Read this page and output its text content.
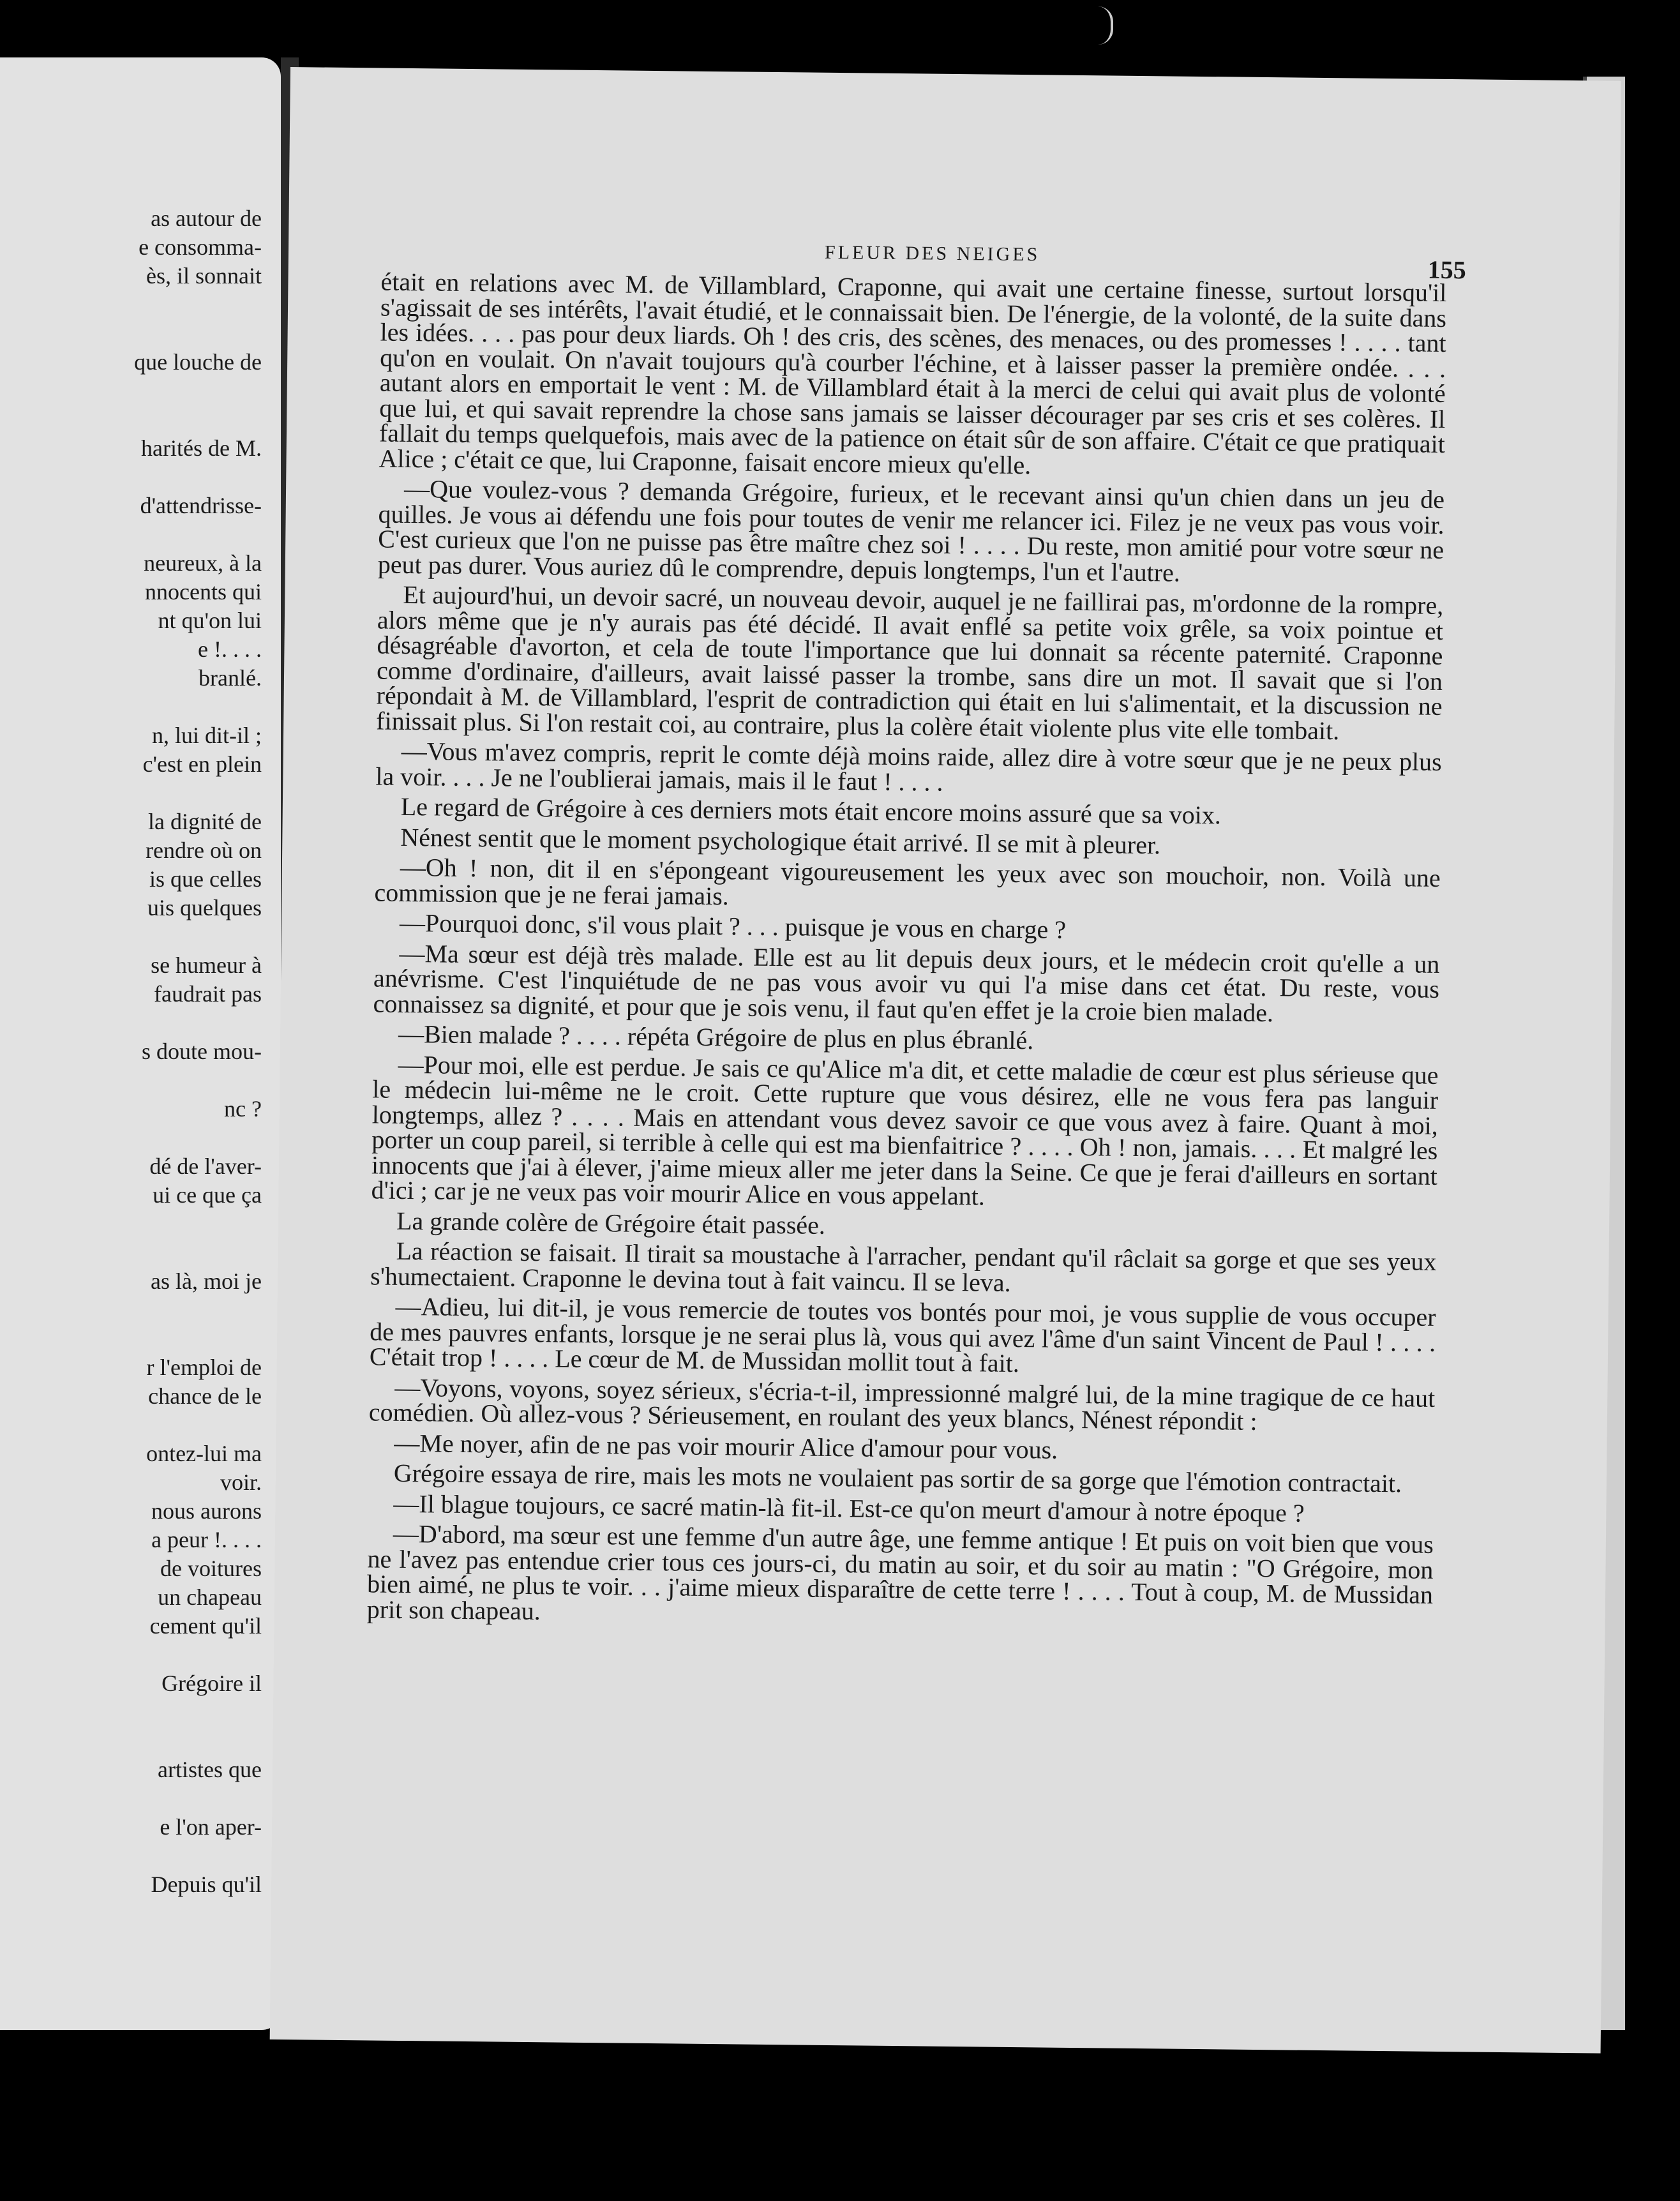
as autour de
e consomma-
ès, il sonnait
que louche de
harités de M.
d'attendrisse-
neureux, à la
nnocents qui
nt qu'on lui
e !. . . .
branlé.
n, lui dit-il ;
c'est en plein
la dignité de
rendre où on
is que celles
uis quelques
se humeur à
faudrait pas
s doute mou-
nc ?
dé de l'aver-
ui ce que ça
as là, moi je
r l'emploi de
chance de le
ontez-lui ma
voir.
nous aurons
a peur !. . . .
de voitures
un chapeau
cement qu'il
Grégoire il
artistes que
e l'on aper-
Depuis qu'il
FLEUR DES NEIGES
155

était en relations avec M. de Villamblard, Craponne, qui avait une certaine finesse, surtout lorsqu'il s'agissait de ses intérêts, l'avait étudié, et le connaissait bien. De l'énergie, de la volonté, de la suite dans les idées. . . . pas pour deux liards. Oh ! des cris, des scènes, des menaces, ou des promesses ! . . . . tant qu'on en voulait. On n'avait toujours qu'à courber l'échine, et à laisser passer la première ondée. . . . autant alors en emportait le vent : M. de Villamblard était à la merci de celui qui avait plus de volonté que lui, et qui savait reprendre la chose sans jamais se laisser décourager par ses cris et ses colères. Il fallait du temps quelquefois, mais avec de la patience on était sûr de son affaire. C'était ce que pratiquait Alice ; c'était ce que, lui Craponne, faisait encore mieux qu'elle.

—Que voulez-vous ? demanda Grégoire, furieux, et le recevant ainsi qu'un chien dans un jeu de quilles. Je vous ai défendu une fois pour toutes de venir me relancer ici. Filez je ne veux pas vous voir. C'est curieux que l'on ne puisse pas être maître chez soi ! . . . . Du reste, mon amitié pour votre sœur ne peut pas durer. Vous auriez dû le comprendre, depuis longtemps, l'un et l'autre.

Et aujourd'hui, un devoir sacré, un nouveau devoir, auquel je ne faillirai pas, m'ordonne de la rompre, alors même que je n'y aurais pas été décidé. Il avait enflé sa petite voix grêle, sa voix pointue et désagréable d'avorton, et cela de toute l'importance que lui donnait sa récente paternité. Craponne comme d'ordinaire, d'ailleurs, avait laissé passer la trombe, sans dire un mot. Il savait que si l'on répondait à M. de Villamblard, l'esprit de contradiction qui était en lui s'alimentait, et la discussion ne finissait plus. Si l'on restait coi, au contraire, plus la colère était violente plus vite elle tombait.

—Vous m'avez compris, reprit le comte déjà moins raide, allez dire à votre sœur que je ne peux plus la voir. . . . Je ne l'oublierai jamais, mais il le faut ! . . . .

Le regard de Grégoire à ces derniers mots était encore moins assuré que sa voix.

Nénest sentit que le moment psychologique était arrivé. Il se mit à pleurer.

—Oh ! non, dit il en s'épongeant vigoureusement les yeux avec son mouchoir, non. Voilà une commission que je ne ferai jamais.

—Pourquoi donc, s'il vous plait ? . . . puisque je vous en charge ?

—Ma sœur est déjà très malade. Elle est au lit depuis deux jours, et le médecin croit qu'elle a un anévrisme. C'est l'inquiétude de ne pas vous avoir vu qui l'a mise dans cet état. Du reste, vous connaissez sa dignité, et pour que je sois venu, il faut qu'en effet je la croie bien malade.

—Bien malade ? . . . . répéta Grégoire de plus en plus ébranlé.

—Pour moi, elle est perdue. Je sais ce qu'Alice m'a dit, et cette maladie de cœur est plus sérieuse que le médecin lui-même ne le croit. Cette rupture que vous désirez, elle ne vous fera pas languir longtemps, allez ? . . . . Mais en attendant vous devez savoir ce que vous avez à faire. Quant à moi, porter un coup pareil, si terrible à celle qui est ma bienfaitrice ? . . . . Oh ! non, jamais. . . . Et malgré les innocents que j'ai à élever, j'aime mieux aller me jeter dans la Seine. Ce que je ferai d'ailleurs en sortant d'ici ; car je ne veux pas voir mourir Alice en vous appelant.

La grande colère de Grégoire était passée.

La réaction se faisait. Il tirait sa moustache à l'arracher, pendant qu'il râclait sa gorge et que ses yeux s'humectaient. Craponne le devina tout à fait vaincu. Il se leva.

—Adieu, lui dit-il, je vous remercie de toutes vos bontés pour moi, je vous supplie de vous occuper de mes pauvres enfants, lorsque je ne serai plus là, vous qui avez l'âme d'un saint Vincent de Paul ! . . . . C'était trop ! . . . . Le cœur de M. de Mussidan mollit tout à fait.

—Voyons, voyons, soyez sérieux, s'écria-t-il, impressionné malgré lui, de la mine tragique de ce haut comédien. Où allez-vous ? Sérieusement, en roulant des yeux blancs, Nénest répondit :

—Me noyer, afin de ne pas voir mourir Alice d'amour pour vous.

Grégoire essaya de rire, mais les mots ne voulaient pas sortir de sa gorge que l'émotion contractait.

—Il blague toujours, ce sacré matin-là fit-il. Est-ce qu'on meurt d'amour à notre époque ?

—D'abord, ma sœur est une femme d'un autre âge, une femme antique ! Et puis on voit bien que vous ne l'avez pas entendue crier tous ces jours-ci, du matin au soir, et du soir au matin : "O Grégoire, mon bien aimé, ne plus te voir. . . j'aime mieux disparaître de cette terre ! . . . . Tout à coup, M. de Mussidan prit son chapeau.
